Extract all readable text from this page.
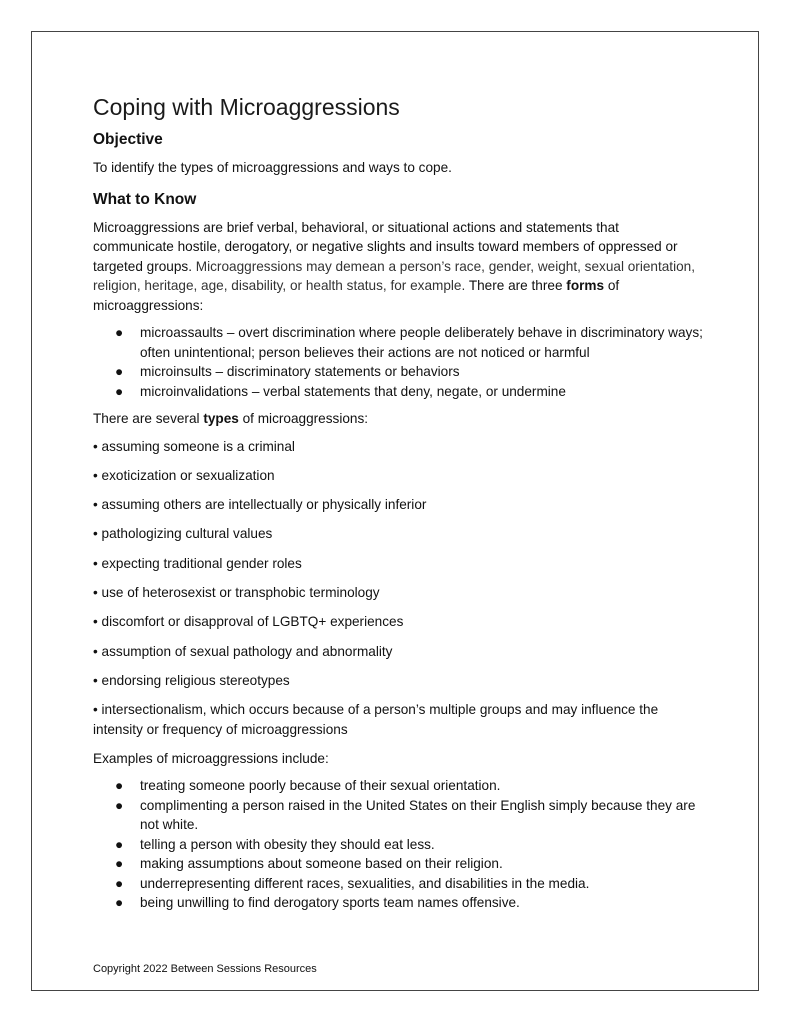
Coping with Microaggressions
Objective

To identify the types of microaggressions and ways to cope.

What to Know

Microaggressions are brief verbal, behavioral, or situational actions and statements that communicate hostile, derogatory, or negative slights and insults toward members of oppressed or targeted groups. Microaggressions may demean a person’s race, gender, weight, sexual orientation, religion, heritage, age, disability, or health status, for example. There are three forms of microaggressions:

● microassaults – overt discrimination where people deliberately behave in discriminatory ways; often unintentional; person believes their actions are not noticed or harmful
● microinsults – discriminatory statements or behaviors
● microinvalidations – verbal statements that deny, negate, or undermine

There are several types of microaggressions:

• assuming someone is a criminal
• exoticization or sexualization
• assuming others are intellectually or physically inferior
• pathologizing cultural values
• expecting traditional gender roles
• use of heterosexist or transphobic terminology
• discomfort or disapproval of LGBTQ+ experiences
• assumption of sexual pathology and abnormality
• endorsing religious stereotypes
• intersectionalism, which occurs because of a person’s multiple groups and may influence the intensity or frequency of microaggressions

Examples of microaggressions include:

● treating someone poorly because of their sexual orientation.
● complimenting a person raised in the United States on their English simply because they are not white.
● telling a person with obesity they should eat less.
● making assumptions about someone based on their religion.
● underrepresenting different races, sexualities, and disabilities in the media.
● being unwilling to find derogatory sports team names offensive.
Copyright 2022 Between Sessions Resources
